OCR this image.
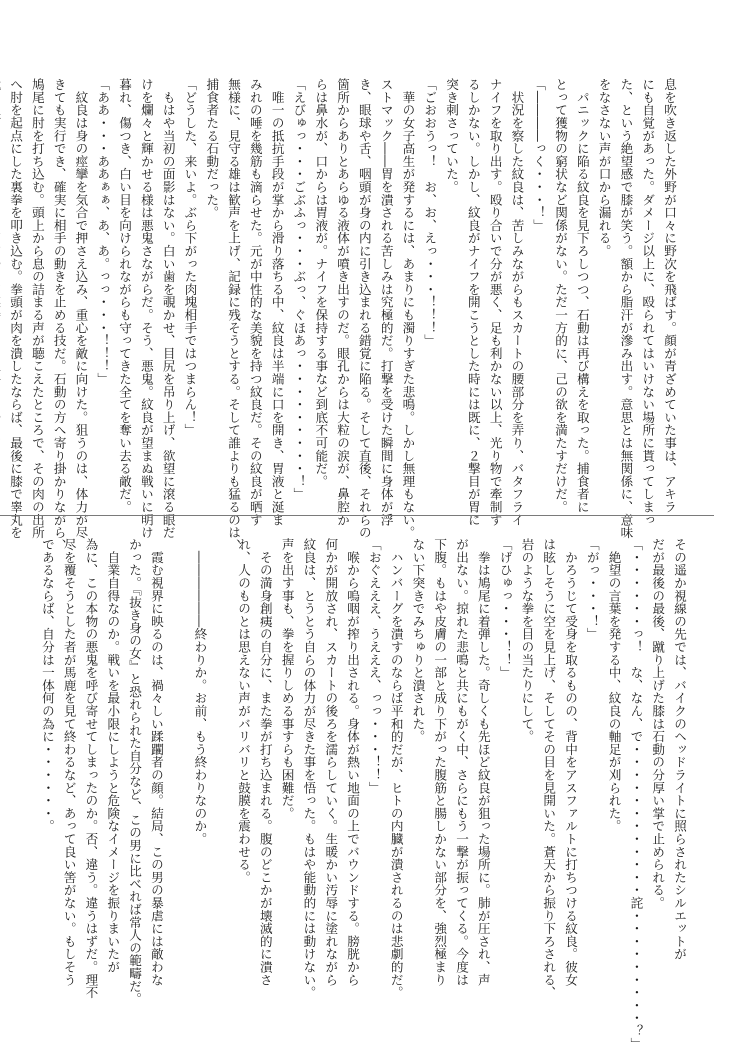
息を吹き返した外野が口々に野次を飛ばす。顔が青ざめていた事は、アキラ
にも自覚があった。ダメージ以上に、殴られてはいけない場所に貰ってしまっ
た、という絶望感で膝が笑う。額から脂汗が滲み出す。意思とは無関係に、意味
をなさない声が口から漏れる。
　パニックに陥る紋良を見下ろしつつ、石動は再び構えを取った。捕食者に
とって獲物の窮状など関係がない。ただ一方的に、己の欲を満たすだけだ。
「――――っく・・・！」
　状況を察した紋良は、苦しみながらもスカートの腰部分を弄り、バタフライ
ナイフを取り出す。殴り合いで分が悪く、足も利かない以上、光り物で牽制す
るしかない。しかし、紋良がナイフを開こうとした時には既に、２撃目が胃に
突き刺さっていた。
「ごおおうっ！　お、お、えっ・・・！！！」
　華の女子高生が発するには、あまりにも濁りすぎた悲鳴。しかし無理もない。
ストマック――胃を潰される苦しみは究極的だ。打撃を受けた瞬間に身体が浮
き、眼球や舌、咽頭が身の内に引き込まれる錯覚に陥る。そして直後、それらの
箇所からありとあらゆる液体が噴き出すのだ。眼孔からは大粒の涙が、鼻腔か
らは鼻水が、口からは胃液が。ナイフを保持する事など到底不可能だ。
「えびゅっ・・・ごぶふっ・・・ぶっ、ぐほあっ・・・・・・・・・！」
　唯一の抵抗手段が掌から滑り落ちる中、紋良は半端に口を開き、胃液と涎ま
みれの唾を幾筋も滴らせた。元が中性的な美貌を持つ紋良だ。その紋良が晒す
無様に、見守る雄は歓声を上げ、記録に残そうとする。そして誰よりも猛るのは、
捕食者たる石動だった。
「どうした、来いよ。ぶら下がった肉塊相手ではつまらん！」
　もはや当初の面影はない。白い歯を覗かせ、目尻を吊り上げ、欲望に滾る眼だ
けを爛々と輝かせる様は悪鬼さながらだ。そう、悪鬼。紋良が望まぬ戦いに明け
暮れ、傷つき、白い目を向けられながらも守ってきた全てを奪い去る敵だ。
「ああ・・・ああぁぁ、あ、あ。っっ・・・！！！」
　紋良は身の痙攣を気合で押さえ込み、重心を敵に向けた。狙うのは、体力が尽
きても実行でき、確実に相手の動きを止める技だ。石動の方へ寄り掛かりながら、
鳩尾に肘を打ち込む。頭上から息の詰まる声が聴こえたところで、その肉の出所
へ肘を起点にした裏拳を叩き込む。拳頭が肉を潰したならば、最後に膝で睾丸を

その遥か視線の先では、バイクのヘッドライトに照らされたシルエットが
だが最後の最後、蹴り上げた膝は石動の分厚い掌で止められる。
「・・・・・・っ！　な、なん、で・・・・・・・・・・・・詫・・・・・・・・・？」
　絶望の言葉を発する中、紋良の軸足が刈られた。
「がっ・・・！」
　かろうじて受身を取るものの、背中をアスファルトに打ちつける紋良。彼女
は眩しそうに空を見上げ、そしてその目を見開いた。蒼天から振り下ろされる、
岩のような拳を目の当たりにして。
「げひゅっ・・・！！」
　拳は鳩尾に着弾した。奇しくも先ほど紋良が狙った場所に。肺が圧され、声
が出ない。掠れた悲鳴と共にもがく中、さらにもう一撃が振ってくる。今度は
下腹。もはや皮膚の一部と成り下がった腹筋と腸しかない部分を、強烈極まり
ない下突きでみちゅりと潰された。
　ハンバーグを潰すのならば平和的だが、ヒトの内臓が潰されるのは悲劇的だ。
「おぐえええ、うえええ、っっ・・・！！」
　喉から嗚咽が搾り出される。身体が熱い地面の上でバウンドする。膀胱から
何かが開放され、スカートの後ろを濡らしていく。生暖かい汚辱に塗れながら
紋良は、とうとう自らの体力が尽きた事を悟った。もはや能動的には動けない。
声を出す事も、拳を握りしめる事すらも困難だ。
　その満身創痍の自分に、また拳が打ち込まれる。腹のどこかが壊滅的に潰さ
れ、人のものとは思えない声がバリバリと鼓膜を震わせる。

　――――――終わりか。お前、もう終わりなのか。

　霞む視界に映るのは、禍々しい蹂躙者の顔。結局、この男の暴虐には敵わな
かった。『抜き身の女』と恐れられた自分など、この男に比べれば常人の範疇だ。
　自業自得なのか。戦いを最小限にしようと危険なイメージを振りまいたが
為に、この本物の悪鬼を呼び寄せてしまったのか。否、違う。違うはずだ。理不
尽を覆そうとした者が馬鹿を見て終わるなど、あって良い筈がない。もしそう
であるならば、自分は一体何の為に・・・・・・。
